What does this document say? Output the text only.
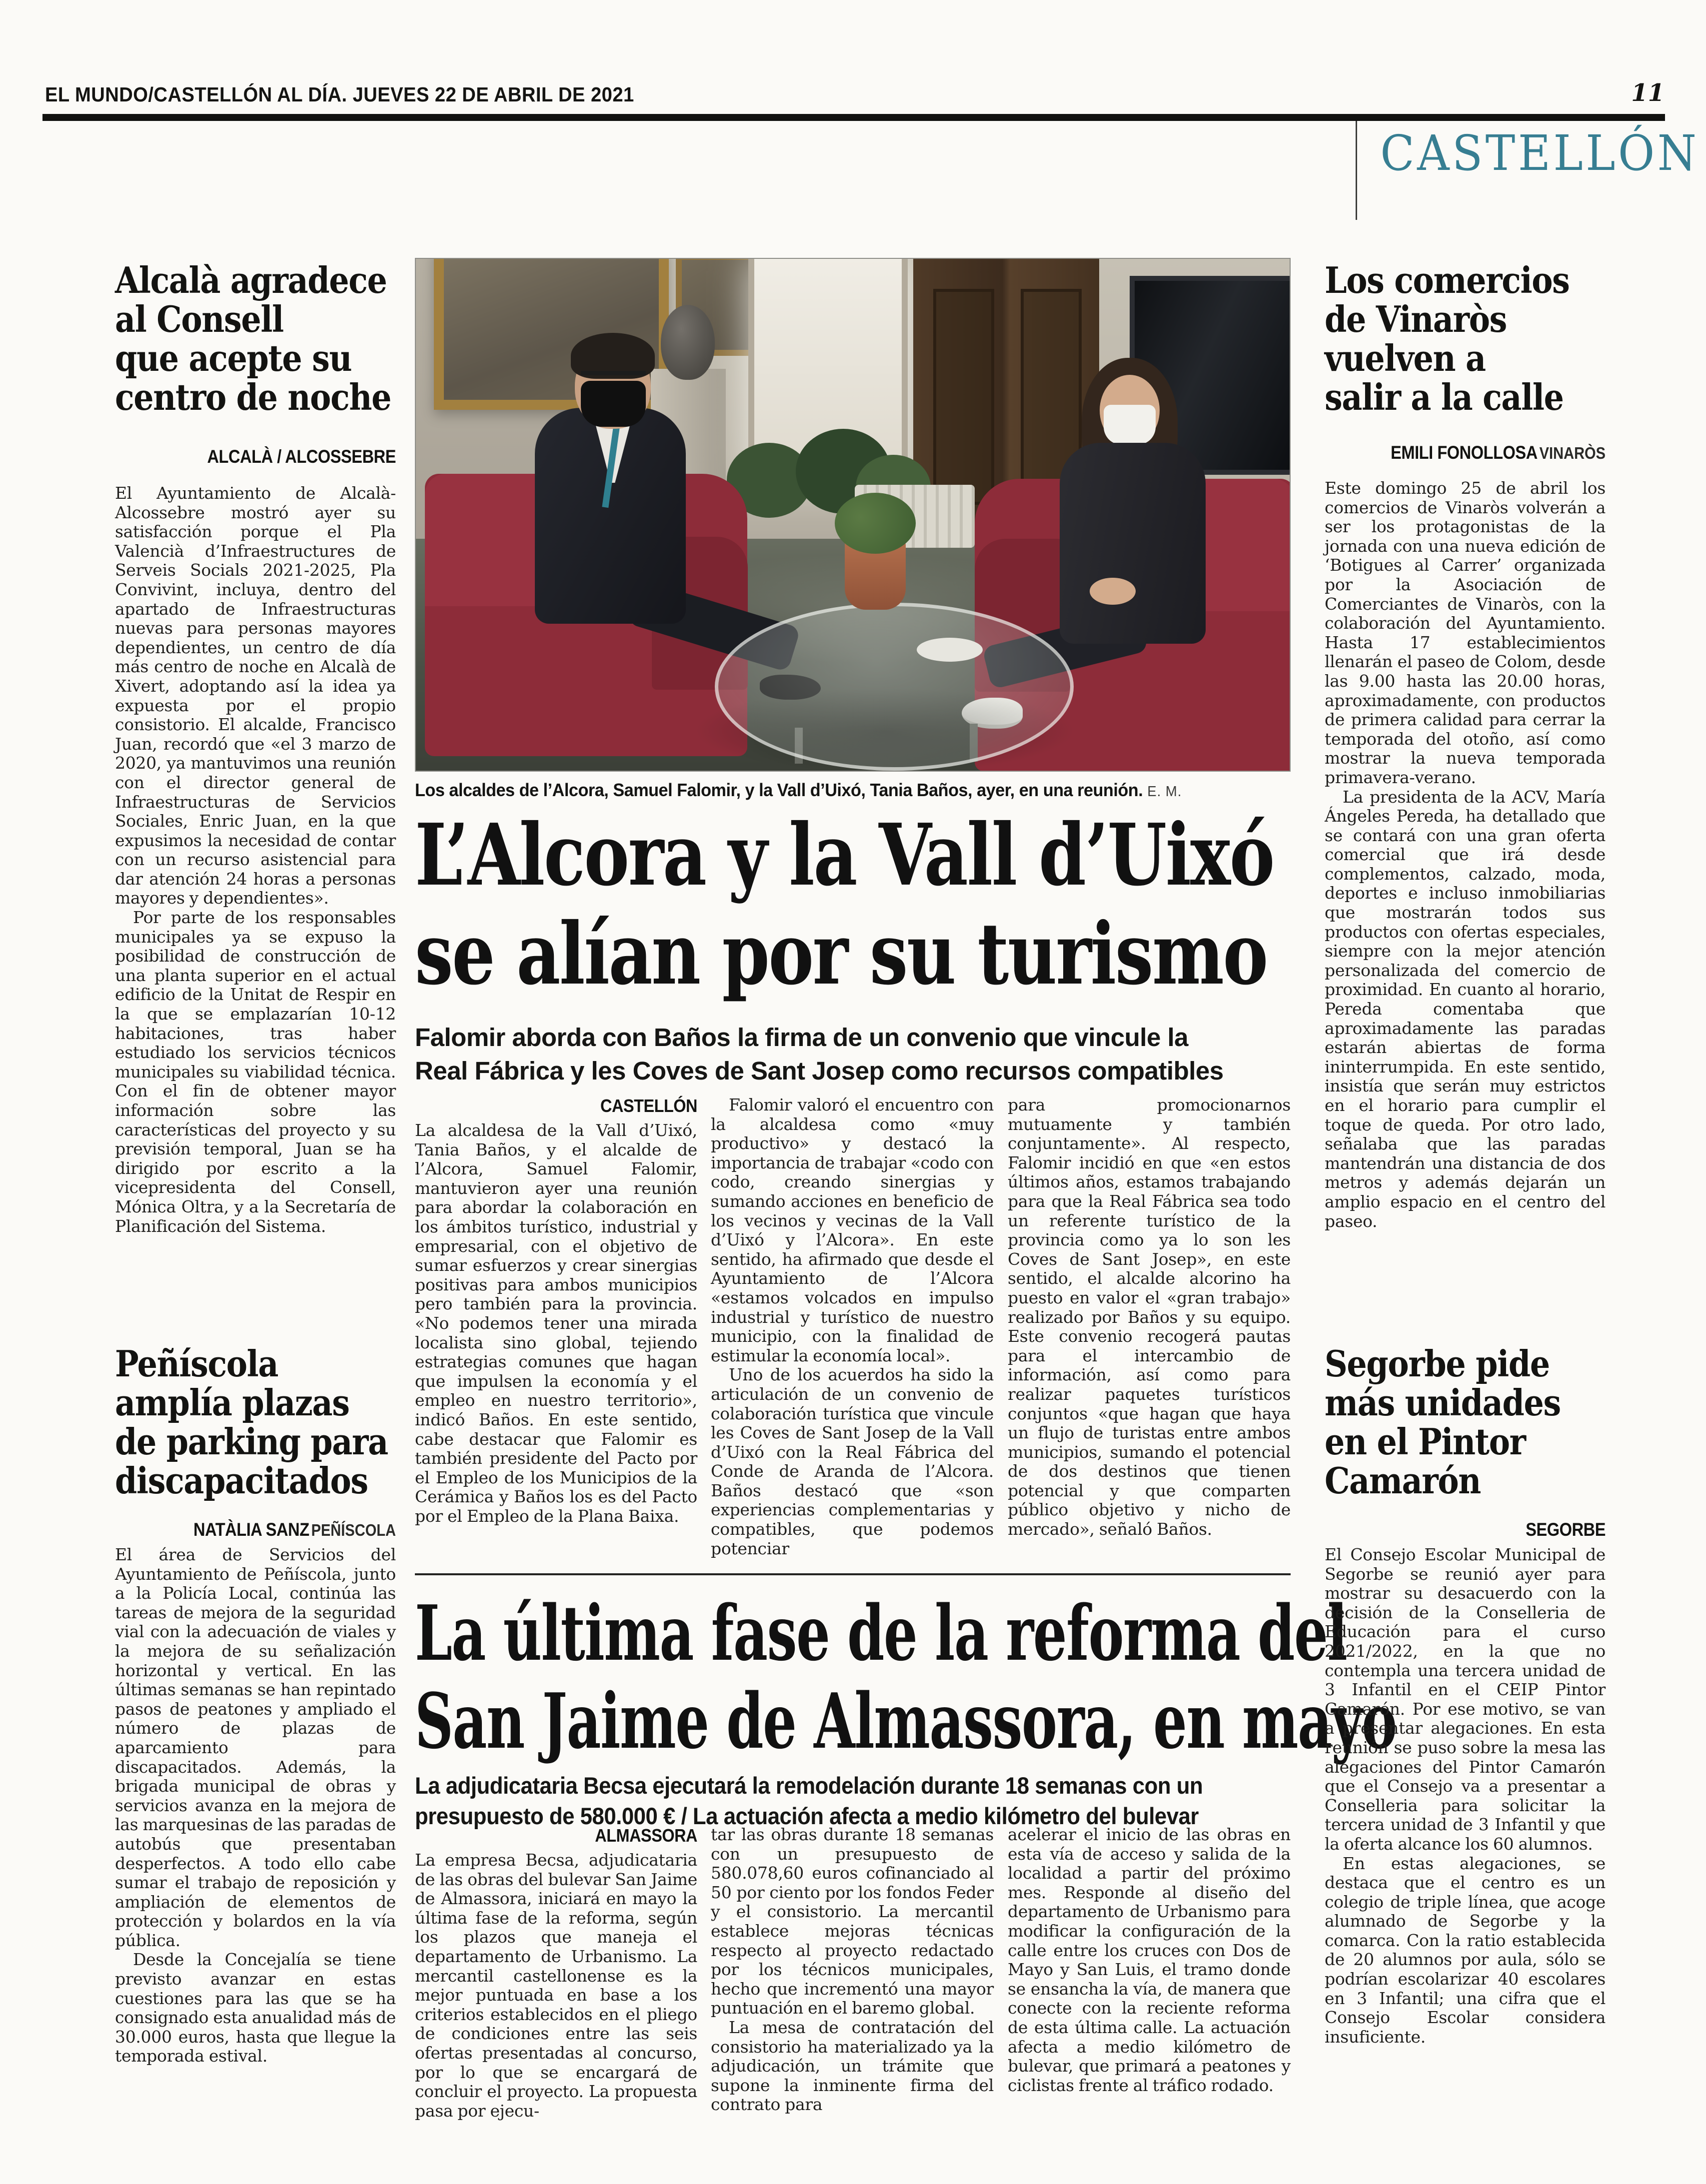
EL MUNDO/CASTELLÓN AL DÍA. JUEVES 22 DE ABRIL DE 2021	11
CASTELLÓN
Alcalà agradece
al Consell
que acepte su
centro de noche
ALCALÀ / ALCOSSEBRE

El Ayuntamiento de Alcalà-Alcossebre mostró ayer su satisfacción porque el Pla Valencià d’Infraestructures de Serveis Socials 2021-2025, Pla Convivint, incluya, dentro del apartado de Infraestructuras nuevas para personas mayores dependientes, un centro de día más centro de noche en Alcalà de Xivert, adoptando así la idea ya expuesta por el propio consistorio. El alcalde, Francisco Juan, recordó que «el 3 marzo de 2020, ya mantuvimos una reunión con el director general de Infraestructuras de Servicios Sociales, Enric Juan, en la que expusimos la necesidad de contar con un recurso asistencial para dar atención 24 horas a personas mayores y dependientes».

Por parte de los responsables municipales ya se expuso la posibilidad de construcción de una planta superior en el actual edificio de la Unitat de Respir en la que se emplazarían 10-12 habitaciones, tras haber estudiado los servicios técnicos municipales su viabilidad técnica. Con el fin de obtener mayor información sobre las características del proyecto y su previsión temporal, Juan se ha dirigido por escrito a la vicepresidenta del Consell, Mónica Oltra, y a la Secretaría de Planificación del Sistema.

Peñíscola
amplía plazas
de parking para
discapacitados
NATÀLIA SANZ PEÑÍSCOLA

El área de Servicios del Ayuntamiento de Peñíscola, junto a la Policía Local, continúa las tareas de mejora de la seguridad vial con la adecuación de viales y la mejora de su señalización horizontal y vertical. En las últimas semanas se han repintado pasos de peatones y ampliado el número de plazas de aparcamiento para discapacitados. Además, la brigada municipal de obras y servicios avanza en la mejora de las marquesinas de las paradas de autobús que presentaban desperfectos. A todo ello cabe sumar el trabajo de reposición y ampliación de elementos de protección y bolardos en la vía pública.

Desde la Concejalía se tiene previsto avanzar en estas cuestiones para las que se ha consignado esta anualidad más de 30.000 euros, hasta que llegue la temporada estival.

Los alcaldes de l’Alcora, Samuel Falomir, y la Vall d’Uixó, Tania Baños, ayer, en una reunión. E. M.
L’Alcora y la Vall d’Uixó
se alían por su turismo
Falomir aborda con Baños la firma de un convenio que vincule la
Real Fábrica y les Coves de Sant Josep como recursos compatibles
CASTELLÓN

La alcaldesa de la Vall d’Uixó, Tania Baños, y el alcalde de l’Alcora, Samuel Falomir, mantuvieron ayer una reunión para abordar la colaboración en los ámbitos turístico, industrial y empresarial, con el objetivo de sumar esfuerzos y crear sinergias positivas para ambos municipios pero también para la provincia. «No podemos tener una mirada localista sino global, tejiendo estrategias comunes que hagan que impulsen la economía y el empleo en nuestro territorio», indicó Baños. En este sentido, cabe destacar que Falomir es también presidente del Pacto por el Empleo de los Municipios de la Cerámica y Baños los es del Pacto por el Empleo de la Plana Baixa.

Falomir valoró el encuentro con la alcaldesa como «muy productivo» y destacó la importancia de trabajar «codo con codo, creando sinergias y sumando acciones en beneficio de los vecinos y vecinas de la Vall d’Uixó y l’Alcora». En este sentido, ha afirmado que desde el Ayuntamiento de l’Alcora «estamos volcados en impulso industrial y turístico de nuestro municipio, con la finalidad de estimular la economía local».

Uno de los acuerdos ha sido la articulación de un convenio de colaboración turística que vincule les Coves de Sant Josep de la Vall d’Uixó con la Real Fábrica del Conde de Aranda de l’Alcora. Baños destacó que «son experiencias complementarias y compatibles, que podemos potenciar

para promocionarnos mutuamente y también conjuntamente». Al respecto, Falomir incidió en que «en estos últimos años, estamos trabajando para que la Real Fábrica sea todo un referente turístico de la provincia como ya lo son les Coves de Sant Josep», en este sentido, el alcalde alcorino ha puesto en valor el «gran trabajo» realizado por Baños y su equipo. Este convenio recogerá pautas para el intercambio de información, así como para realizar paquetes turísticos conjuntos «que hagan que haya un flujo de turistas entre ambos municipios, sumando el potencial de dos destinos que tienen potencial y que comparten público objetivo y nicho de mercado», señaló Baños.

La última fase de la reforma del
San Jaime de Almassora, en mayo
La adjudicataria Becsa ejecutará la remodelación durante 18 semanas con un
presupuesto de 580.000 € / La actuación afecta a medio kilómetro del bulevar
ALMASSORA

La empresa Becsa, adjudicataria de las obras del bulevar San Jaime de Almassora, iniciará en mayo la última fase de la reforma, según los plazos que maneja el departamento de Urbanismo. La mercantil castellonense es la mejor puntuada en base a los criterios establecidos en el pliego de condiciones entre las seis ofertas presentadas al concurso, por lo que se encargará de concluir el proyecto. La propuesta pasa por ejecu-

tar las obras durante 18 semanas con un presupuesto de 580.078,60 euros cofinanciado al 50 por ciento por los fondos Feder y el consistorio. La mercantil establece mejoras técnicas respecto al proyecto redactado por los técnicos municipales, hecho que incrementó una mayor puntuación en el baremo global.

La mesa de contratación del consistorio ha materializado ya la adjudicación, un trámite que supone la inminente firma del contrato para

acelerar el inicio de las obras en esta vía de acceso y salida de la localidad a partir del próximo mes. Responde al diseño del departamento de Urbanismo para modificar la configuración de la calle entre los cruces con Dos de Mayo y San Luis, el tramo donde se ensancha la vía, de manera que conecte con la reciente reforma de esta última calle. La actuación afecta a medio kilómetro de bulevar, que primará a peatones y ciclistas frente al tráfico rodado.

Los comercios
de Vinaròs
vuelven a
salir a la calle
EMILI FONOLLOSA VINARÒS

Este domingo 25 de abril los comercios de Vinaròs volverán a ser los protagonistas de la jornada con una nueva edición de ‘Botigues al Carrer’ organizada por la Asociación de Comerciantes de Vinaròs, con la colaboración del Ayuntamiento. Hasta 17 establecimientos llenarán el paseo de Colom, desde las 9.00 hasta las 20.00 horas, aproximadamente, con productos de primera calidad para cerrar la temporada del otoño, así como mostrar la nueva temporada primavera-verano.

La presidenta de la ACV, María Ángeles Pereda, ha detallado que se contará con una gran oferta comercial que irá desde complementos, calzado, moda, deportes e incluso inmobiliarias que mostrarán todos sus productos con ofertas especiales, siempre con la mejor atención personalizada del comercio de proximidad. En cuanto al horario, Pereda comentaba que aproximadamente las paradas estarán abiertas de forma ininterrumpida. En este sentido, insistía que serán muy estrictos en el horario para cumplir el toque de queda. Por otro lado, señalaba que las paradas mantendrán una distancia de dos metros y además dejarán un amplio espacio en el centro del paseo.

Segorbe pide
más unidades
en el Pintor
Camarón
SEGORBE

El Consejo Escolar Municipal de Segorbe se reunió ayer para mostrar su desacuerdo con la decisión de la Conselleria de Educación para el curso 2021/2022, en la que no contempla una tercera unidad de 3 Infantil en el CEIP Pintor Camarón. Por ese motivo, se van a presentar alegaciones. En esta reunión se puso sobre la mesa las alegaciones del Pintor Camarón que el Consejo va a presentar a Conselleria para solicitar la tercera unidad de 3 Infantil y que la oferta alcance los 60 alumnos.

En estas alegaciones, se destaca que el centro es un colegio de triple línea, que acoge alumnado de Segorbe y la comarca. Con la ratio establecida de 20 alumnos por aula, sólo se podrían escolarizar 40 escolares en 3 Infantil; una cifra que el Consejo Escolar considera insuficiente.
